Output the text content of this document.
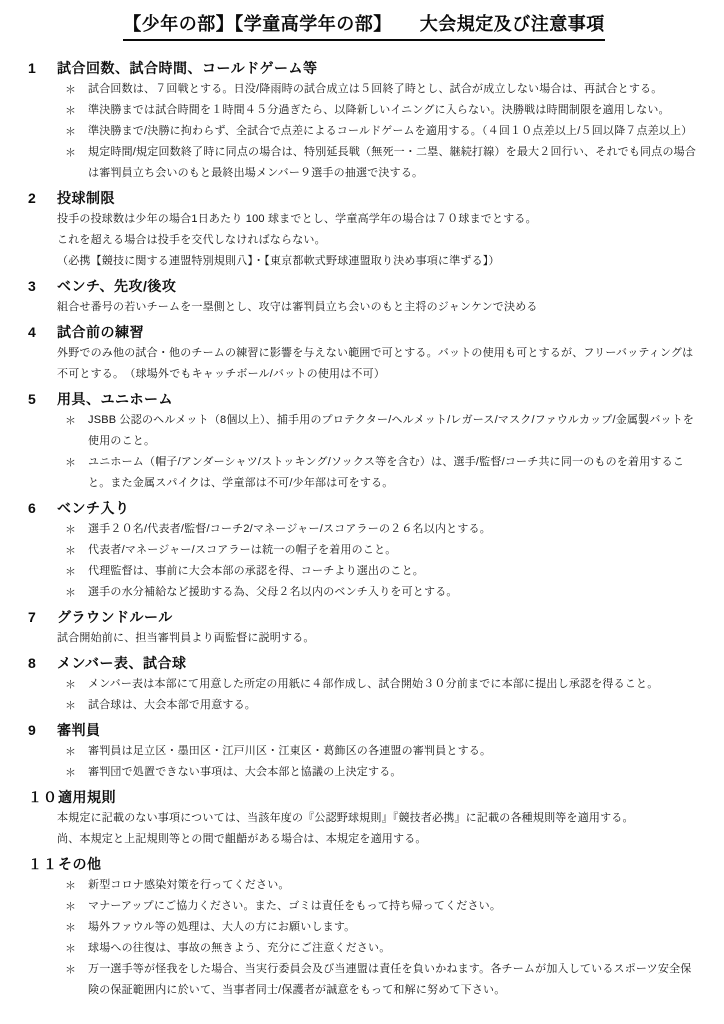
【少年の部】【学童高学年の部】　　大会規定及び注意事項
1	試合回数、試合時間、コールドゲーム等
＊ 試合回数は、７回戦とする。日没/降雨時の試合成立は５回終了時とし、試合が成立しない場合は、再試合とする。
＊ 準決勝までは試合時間を１時間４５分過ぎたら、以降新しいイニングに入らない。決勝戦は時間制限を適用しない。
＊ 準決勝まで/決勝に拘わらず、全試合で点差によるコールドゲームを適用する。（４回１０点差以上/５回以降７点差以上）
＊ 規定時間/規定回数終了時に同点の場合は、特別延長戦（無死一・二塁、継続打線）を最大２回行い、それでも同点の場合は審判員立ち会いのもと最終出場メンバー９選手の抽選で決する。
2	投球制限
投手の投球数は少年の場合1日あたり 100 球までとし、学童高学年の場合は７０球までとする。
これを超える場合は投手を交代しなければならない。
（必携【競技に関する連盟特別規則八】・【東京都軟式野球連盟取り決め事項に準ずる】）
3	ベンチ、先攻/後攻
組合せ番号の若いチームを一塁側とし、攻守は審判員立ち会いのもと主将のジャンケンで決める
4	試合前の練習
外野でのみ他の試合・他のチームの練習に影響を与えない範囲で可とする。バットの使用も可とするが、フリーバッティングは不可とする。　（球場外でもキャッチボール/バットの使用は不可）
5	用具、ユニホーム
＊ JSBB 公認のヘルメット（8個以上）、捕手用のプロテクター/ヘルメット/レガース/マスク/ファウルカップ/金属製バットを使用のこと。
＊ ユニホーム（帽子/アンダーシャツ/ストッキング/ソックス等を含む）は、選手/監督/コーチ共に同一のものを着用すること。また金属スパイクは、学童部は不可/少年部は可をする。
6	ベンチ入り
＊ 選手２０名/代表者/監督/コーチ2/マネージャー/スコアラーの２６名以内とする。
＊ 代表者/マネージャー/スコアラーは統一の帽子を着用のこと。
＊ 代理監督は、事前に大会本部の承認を得、コーチより選出のこと。
＊ 選手の水分補給など援助する為、父母２名以内のベンチ入りを可とする。
7	グラウンドルール
試合開始前に、担当審判員より両監督に説明する。
8	メンバー表、試合球
＊ メンバー表は本部にて用意した所定の用紙に４部作成し、試合開始３０分前までに本部に提出し承認を得ること。
＊ 試合球は、大会本部で用意する。
9	審判員
＊ 審判員は足立区・墨田区・江戸川区・江東区・葛飾区の各連盟の審判員とする。
＊ 審判団で処置できない事項は、大会本部と協議の上決定する。
１０ 適用規則
本規定に記載のない事項については、当該年度の『公認野球規則』『競技者必携』に記載の各種規則等を適用する。
尚、本規定と上記規則等との間で齟齬がある場合は、本規定を適用する。
１１ その他
＊ 新型コロナ感染対策を行ってください。
＊ マナーアップにご協力ください。また、ゴミは責任をもって持ち帰ってください。
＊ 場外ファウル等の処理は、大人の方にお願いします。
＊ 球場への往復は、事故の無きよう、充分にご注意ください。
＊ 万一選手等が怪我をした場合、当実行委員会及び当連盟は責任を負いかねます。各チームが加入しているスポーツ安全保険の保証範囲内に於いて、当事者同士/保護者が誠意をもって和解に努めて下さい。
